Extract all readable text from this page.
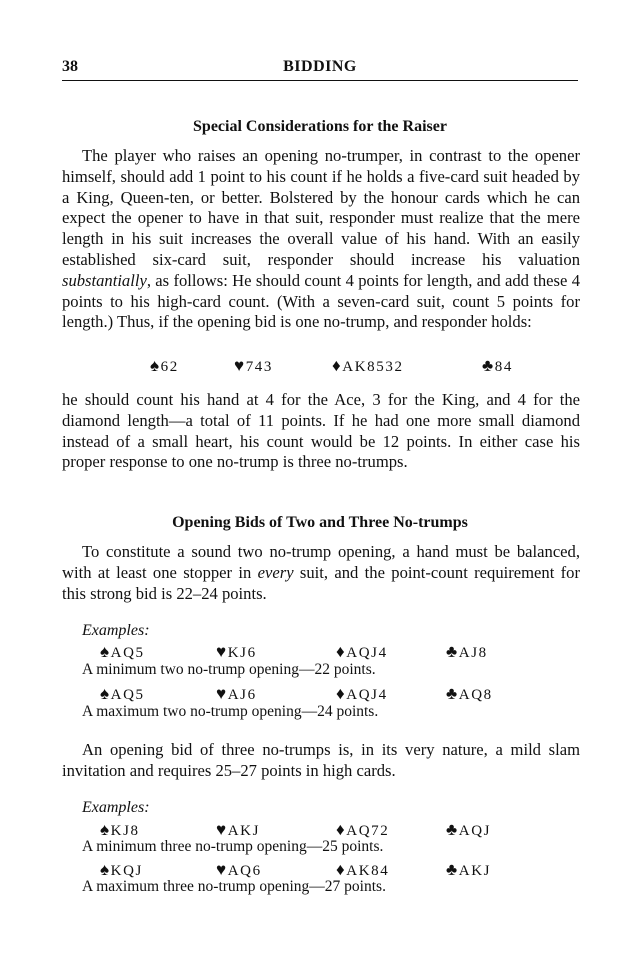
38	BIDDING
Special Considerations for the Raiser

The player who raises an opening no-trumper, in contrast to the opener himself, should add 1 point to his count if he holds a five-card suit headed by a King, Queen-ten, or better. Bolstered by the honour cards which he can expect the opener to have in that suit, responder must realize that the mere length in his suit increases the overall value of his hand. With an easily established six-card suit, responder should increase his valuation substantially, as follows: He should count 4 points for length, and add these 4 points to his high-card count. (With a seven-card suit, count 5 points for length.) Thus, if the opening bid is one no-trump, and responder holds:

♠62	♥743	♦AK8532	♣84

he should count his hand at 4 for the Ace, 3 for the King, and 4 for the diamond length—a total of 11 points. If he had one more small diamond instead of a small heart, his count would be 12 points. In either case his proper response to one no-trump is three no-trumps.

Opening Bids of Two and Three No-trumps

To constitute a sound two no-trump opening, a hand must be balanced, with at least one stopper in every suit, and the point-count requirement for this strong bid is 22–24 points.

Examples:
♠AQ5	♥KJ6	♦AQJ4	♣AJ8
A minimum two no-trump opening—22 points.
♠AQ5	♥AJ6	♦AQJ4	♣AQ8
A maximum two no-trump opening—24 points.

An opening bid of three no-trumps is, in its very nature, a mild slam invitation and requires 25–27 points in high cards.

Examples:
♠KJ8	♥AKJ	♦AQ72	♣AQJ
A minimum three no-trump opening—25 points.
♠KQJ	♥AQ6	♦AK84	♣AKJ
A maximum three no-trump opening—27 points.
